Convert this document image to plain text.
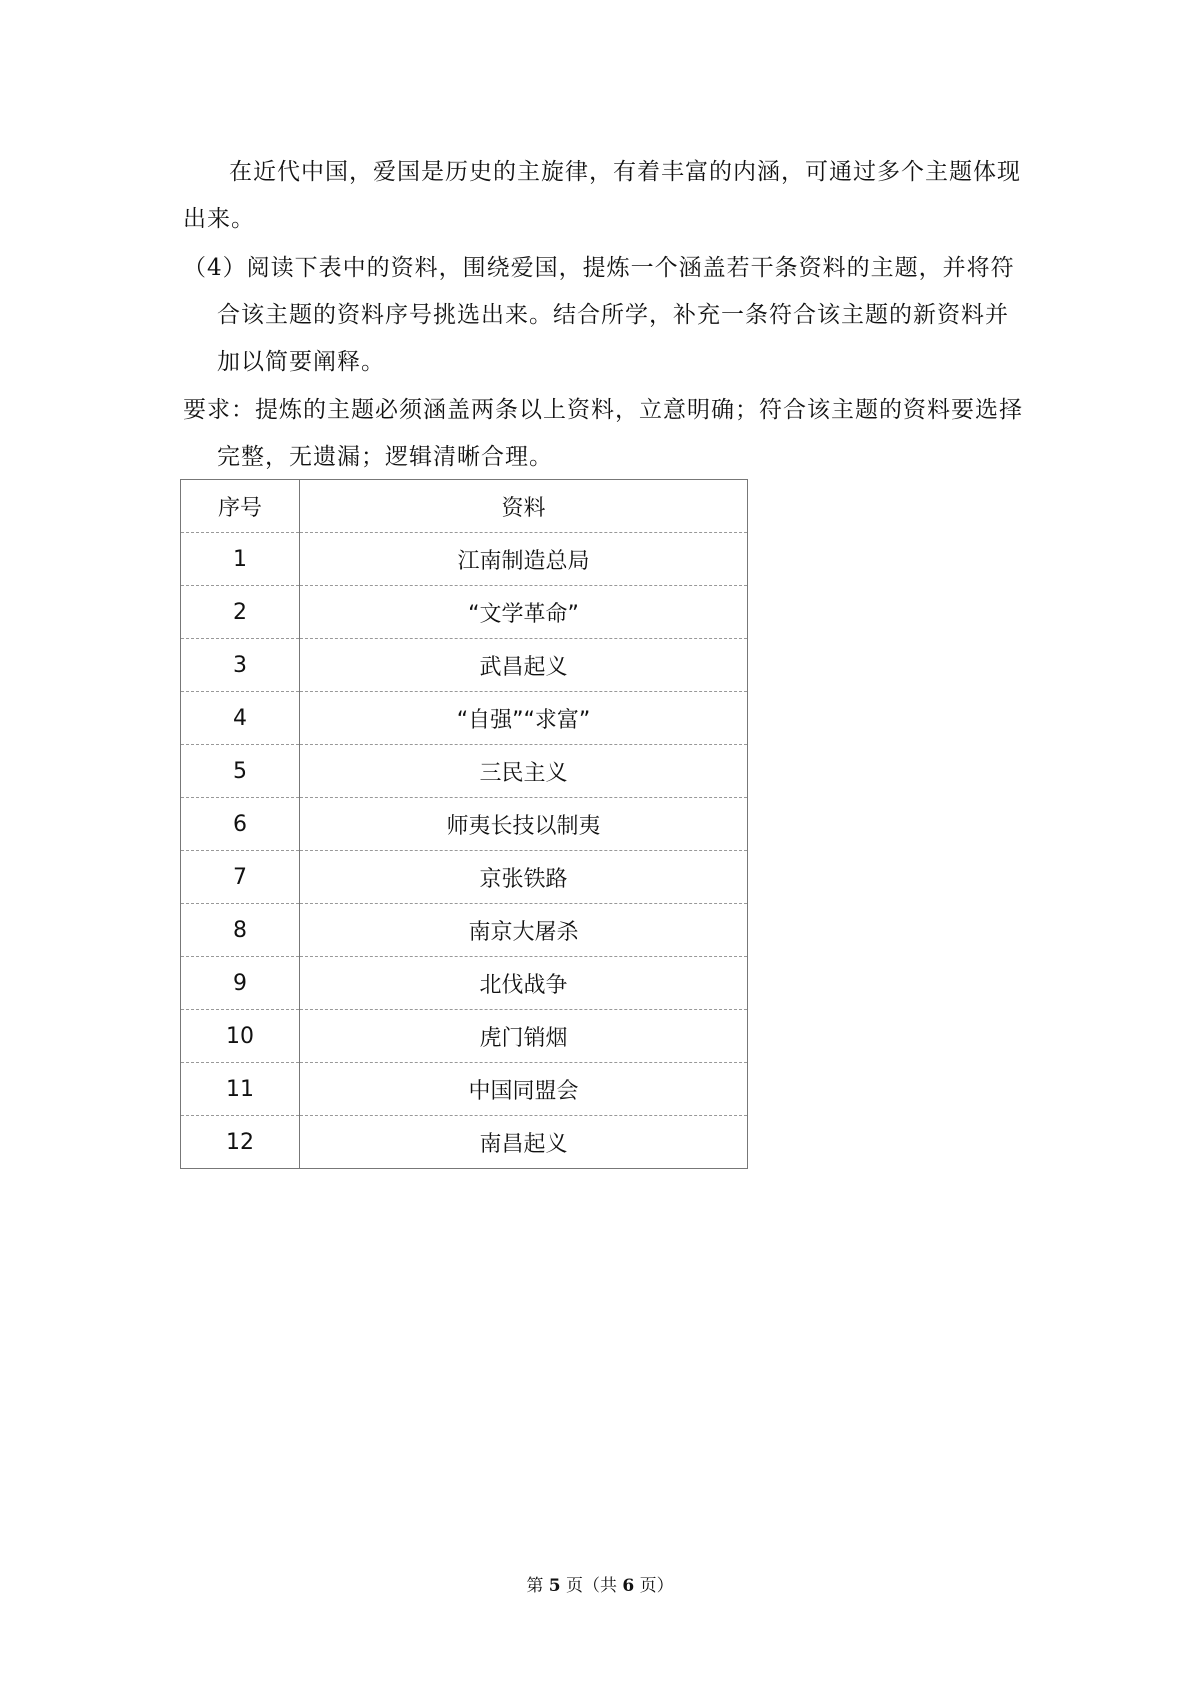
在近代中国，爱国是历史的主旋律，有着丰富的内涵，可通过多个主题体现出来。
（4）阅读下表中的资料，围绕爱国，提炼一个涵盖若干条资料的主题，并将符合该主题的资料序号挑选出来。结合所学，补充一条符合该主题的新资料并加以简要阐释。
要求：提炼的主题必须涵盖两条以上资料，立意明确；符合该主题的资料要选择完整，无遗漏；逻辑清晰合理。
序号	资料
1	江南制造总局
2	“文学革命”
3	武昌起义
4	“自强”“求富”
5	三民主义
6	师夷长技以制夷
7	京张铁路
8	南京大屠杀
9	北伐战争
10	虎门销烟
11	中国同盟会
12	南昌起义
第 5 页（共 6 页）
